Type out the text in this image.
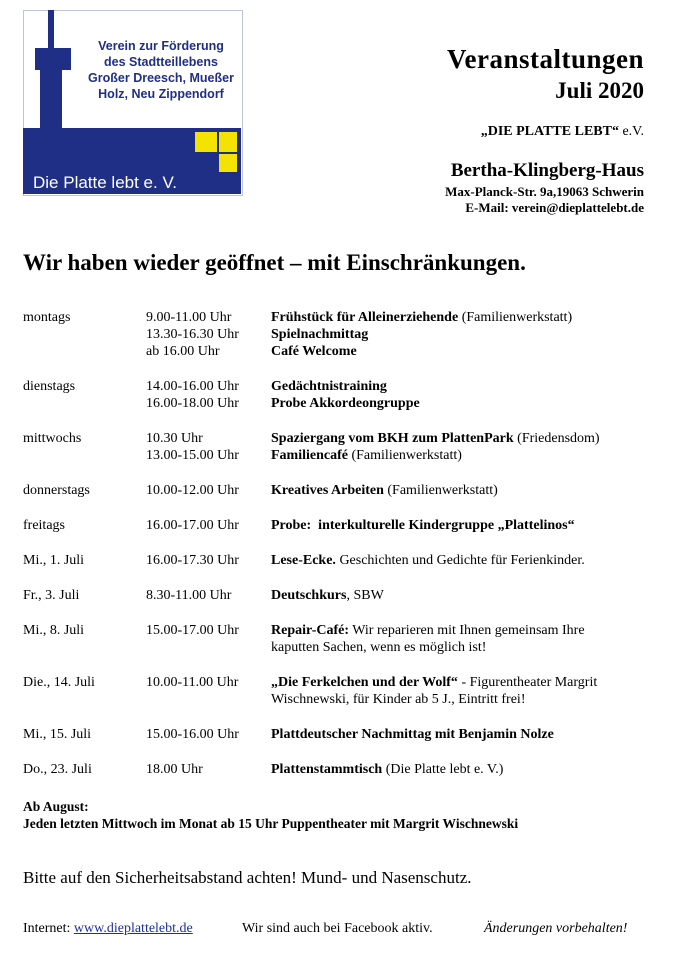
Verein zur Förderung
des Stadtteillebens
Großer Dreesch, Mueßer
Holz, Neu Zippendorf
Die Platte lebt e. V.
Veranstaltungen
Juli 2020
„DIE PLATTE LEBT“ e.V.
Bertha-Klingberg-Haus
Max-Planck-Str. 9a,19063 Schwerin
E-Mail: verein@dieplattelebt.de
Wir haben wieder geöffnet – mit Einschränkungen.
montags	9.00-11.00 Uhr	Frühstück für Alleinerziehende (Familienwerkstatt)
13.30-16.30 Uhr	Spielnachmittag
ab 16.00 Uhr	Café Welcome
dienstags	14.00-16.00 Uhr	Gedächtnistraining
16.00-18.00 Uhr	Probe Akkordeongruppe
mittwochs	10.30 Uhr	Spaziergang vom BKH zum PlattenPark (Friedensdom)
13.00-15.00 Uhr	Familiencafé (Familienwerkstatt)
donnerstags	10.00-12.00 Uhr	Kreatives Arbeiten (Familienwerkstatt)
freitags	16.00-17.00 Uhr	Probe:  interkulturelle Kindergruppe „Plattelinos“
Mi., 1. Juli	16.00-17.30 Uhr	Lese-Ecke. Geschichten und Gedichte für Ferienkinder.
Fr., 3. Juli	8.30-11.00 Uhr	Deutschkurs, SBW
Mi., 8. Juli	15.00-17.00 Uhr	Repair-Café: Wir reparieren mit Ihnen gemeinsam Ihre
kaputten Sachen, wenn es möglich ist!
Die., 14. Juli	10.00-11.00 Uhr	„Die Ferkelchen und der Wolf“ - Figurentheater Margrit
Wischnewski, für Kinder ab 5 J., Eintritt frei!
Mi., 15. Juli	15.00-16.00 Uhr	Plattdeutscher Nachmittag mit Benjamin Nolze
Do., 23. Juli	18.00 Uhr	Plattenstammtisch (Die Platte lebt e. V.)
Ab August:
Jeden letzten Mittwoch im Monat ab 15 Uhr Puppentheater mit Margrit Wischnewski
Bitte auf den Sicherheitsabstand achten! Mund- und Nasenschutz.
Internet: www.dieplattelebt.de	Wir sind auch bei Facebook aktiv.	Änderungen vorbehalten!
